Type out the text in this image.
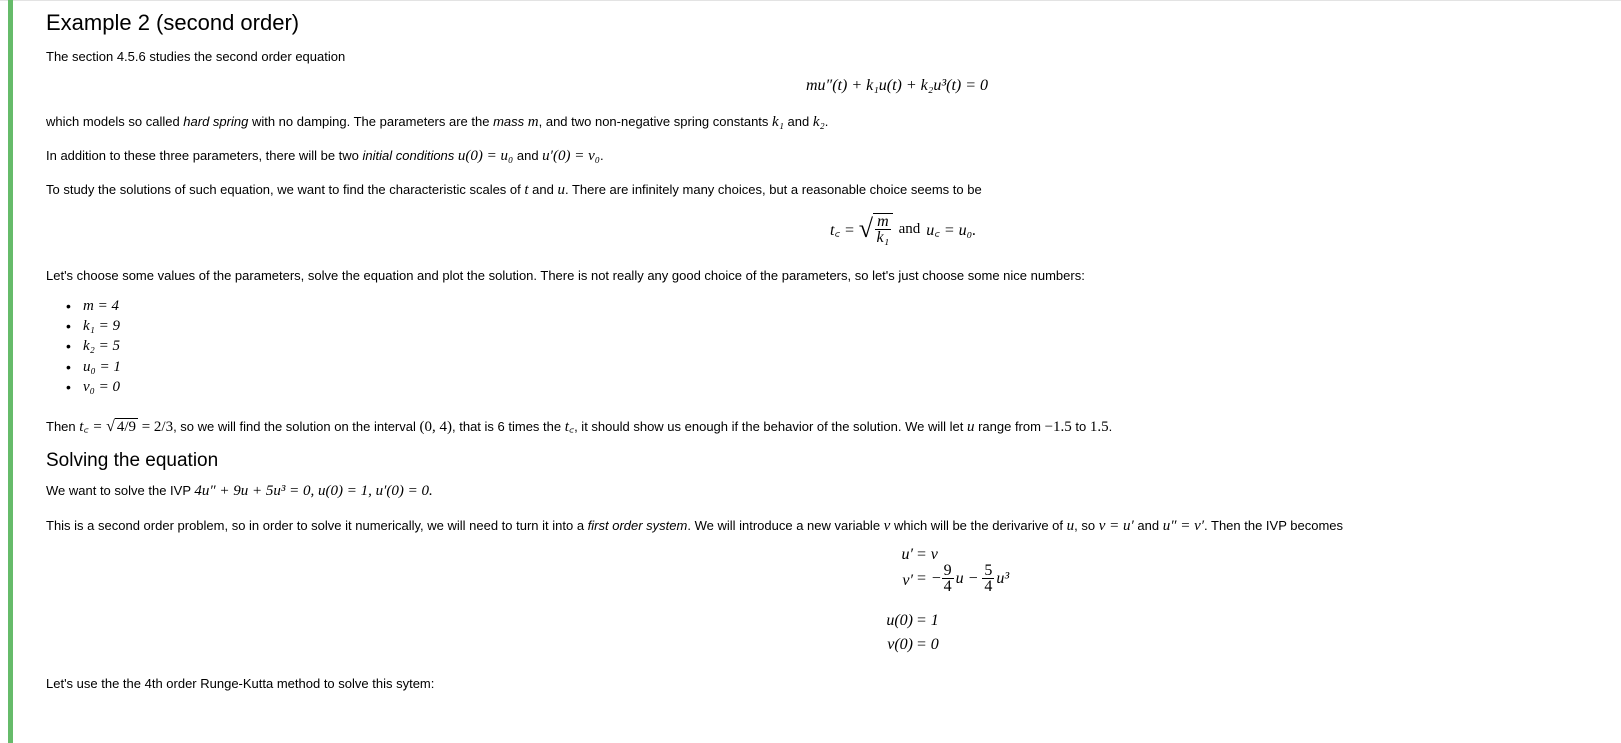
Example 2 (second order)
The section 4.5.6 studies the second order equation
mu″(t) + k₁u(t) + k₂u³(t) = 0
which models so called hard spring with no damping. The parameters are the mass m, and two non-negative spring constants k₁ and k₂.
In addition to these three parameters, there will be two initial conditions u(0) = u₀ and u′(0) = v₀.
To study the solutions of such equation, we want to find the characteristic scales of t and u. There are infinitely many choices, but a reasonable choice seems to be
t꜀ = √ $\frac{m}{\text{k₁}}$ and u꜀ = u₀.
Let's choose some values of the parameters, solve the equation and plot the solution. There is not really any good choice of the parameters, so let's just choose some nice numbers:
• m = 4
• k₁ = 9
• k₂ = 5
• u₀ = 1
• v₀ = 0
Then t꜀ = √ 4/9 = 2/3, so we will find the solution on the interval (0, 4), that is 6 times the t꜀, it should show us enough if the behavior of the solution. We will let u range from −1.5 to 1.5.
Solving the equation
We want to solve the IVP 4u″ + 9u + 5u³ = 0, u(0) = 1, u′(0) = 0.
This is a second order problem, so in order to solve it numerically, we will need to turn it into a first order system. We will introduce a new variable v which will be the derivarive of u, so v = u′ and u″ = v′. Then the IVP becomes
u′ = v
v′ = − $\frac{9}{4}$ $u - \frac{5}{4} u^3$
u(0) = 1
v(0) = 0
Let's use the the 4th order Runge-Kutta method to solve this sytem:
